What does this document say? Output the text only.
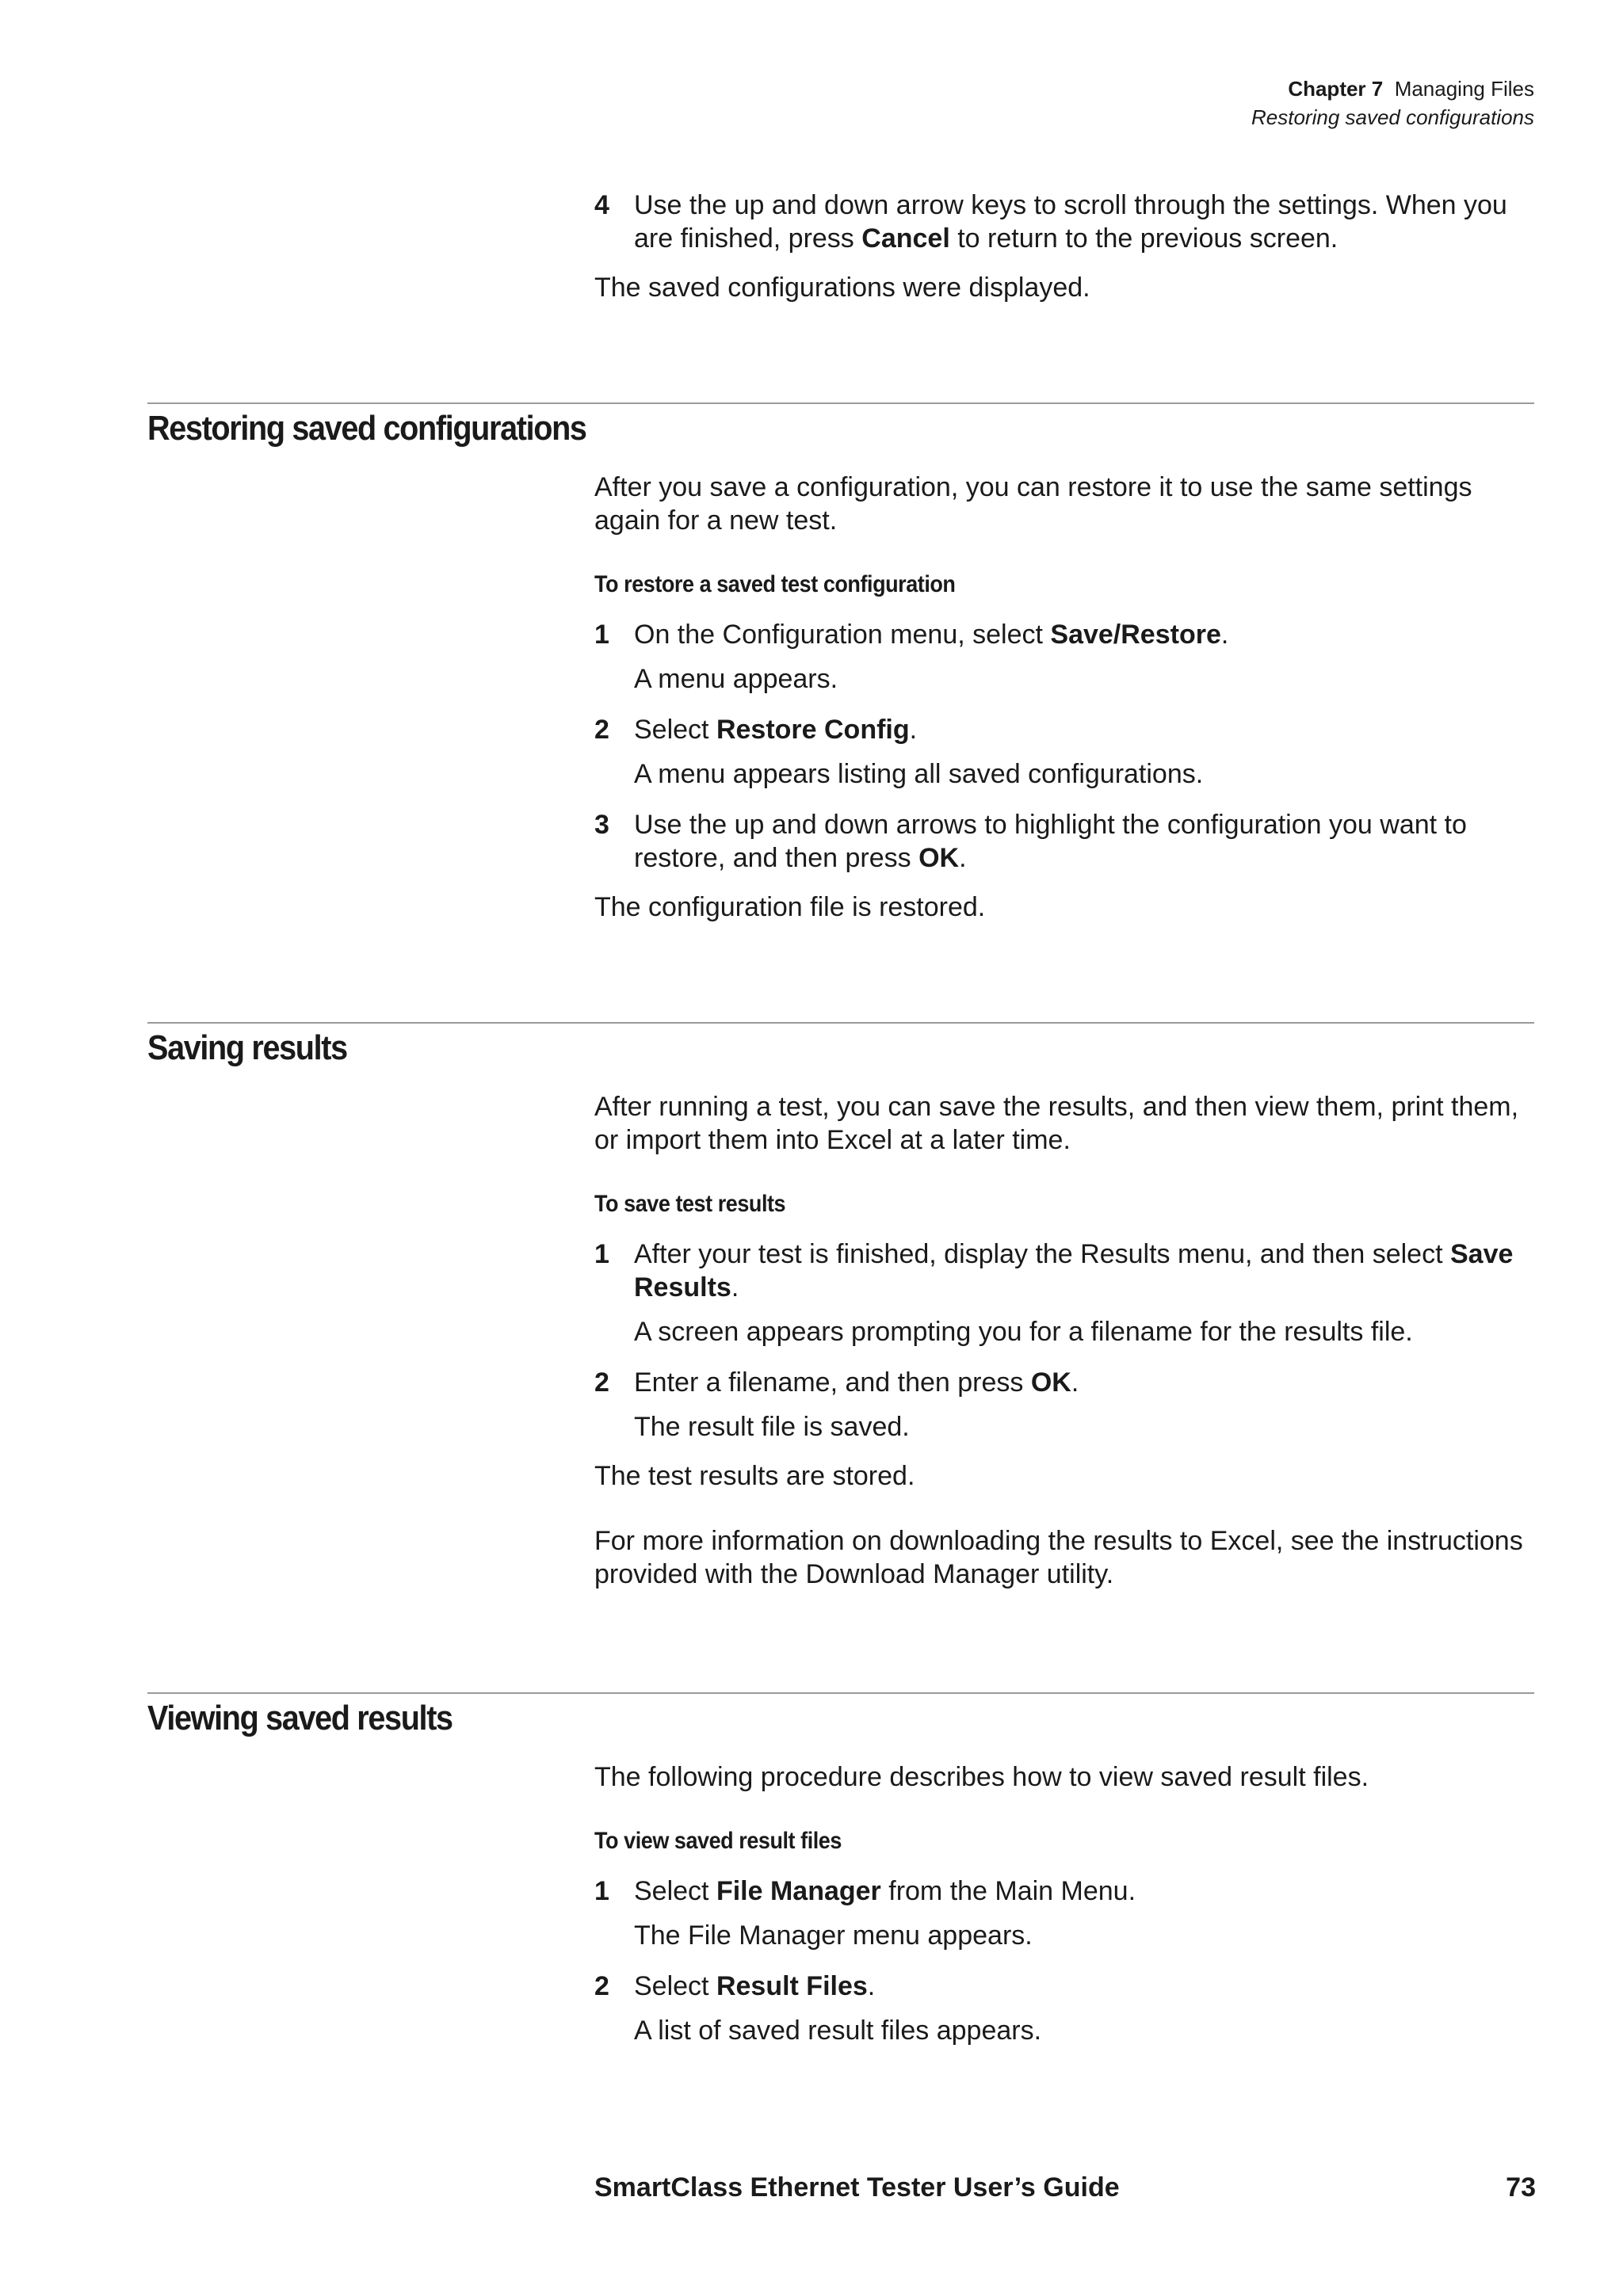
Chapter 7 Managing Files
Restoring saved configurations
4 Use the up and down arrow keys to scroll through the settings. When you are finished, press Cancel to return to the previous screen.

The saved configurations were displayed.

Restoring saved configurations

After you save a configuration, you can restore it to use the same settings again for a new test.

To restore a saved test configuration

1 On the Configuration menu, select Save/Restore.
A menu appears.
2 Select Restore Config.
A menu appears listing all saved configurations.
3 Use the up and down arrows to highlight the configuration you want to restore, and then press OK.

The configuration file is restored.

Saving results

After running a test, you can save the results, and then view them, print them, or import them into Excel at a later time.

To save test results

1 After your test is finished, display the Results menu, and then select Save Results.
A screen appears prompting you for a filename for the results file.
2 Enter a filename, and then press OK.
The result file is saved.

The test results are stored.

For more information on downloading the results to Excel, see the instructions provided with the Download Manager utility.

Viewing saved results

The following procedure describes how to view saved result files.

To view saved result files

1 Select File Manager from the Main Menu.
The File Manager menu appears.
2 Select Result Files.
A list of saved result files appears.
SmartClass Ethernet Tester User’s Guide	73
